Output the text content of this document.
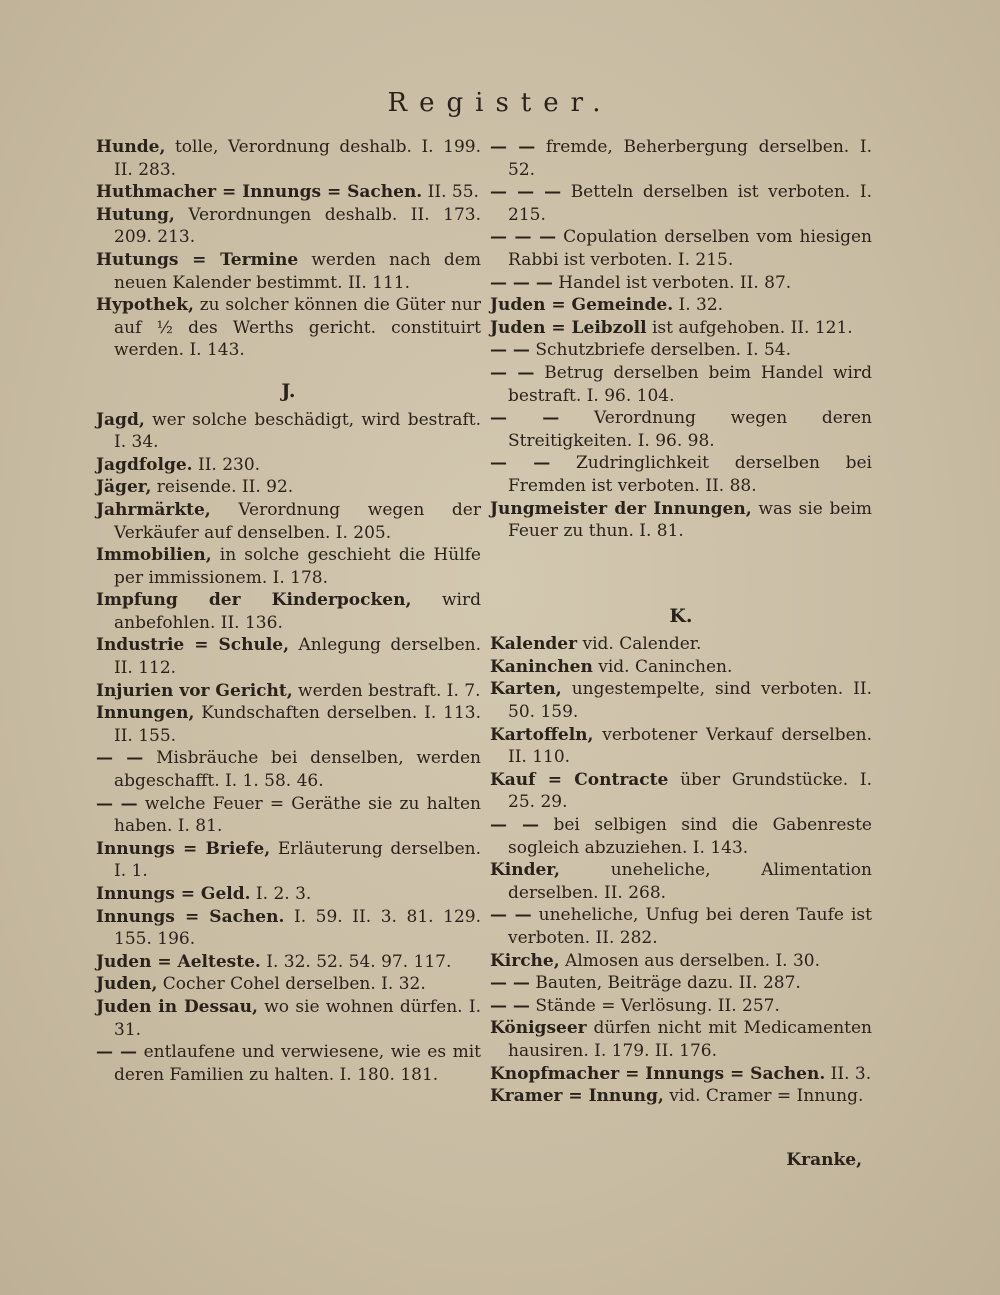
Register.

Hunde, tolle, Verordnung deshalb. I. 199. II. 283.

Huthmacher = Innungs = Sachen. II. 55.

Hutung, Verordnungen deshalb. II. 173. 209. 213.

Hutungs = Termine werden nach dem neuen Kalender bestimmt. II. 111.

Hypothek, zu solcher können die Güter nur auf ½ des Werths gericht. constituirt werden. I. 143.

J.

Jagd, wer solche beschädigt, wird bestraft. I. 34.

Jagdfolge. II. 230.

Jäger, reisende. II. 92.

Jahrmärkte, Verordnung wegen der Verkäufer auf denselben. I. 205.

Immobilien, in solche geschieht die Hülfe per immissionem. I. 178.

Impfung der Kinderpocken, wird anbefohlen. II. 136.

Industrie = Schule, Anlegung derselben. II. 112.

Injurien vor Gericht, werden bestraft. I. 7.

Innungen, Kundschaften derselben. I. 113. II. 155.

— — Misbräuche bei denselben, werden abgeschafft. I. 1. 58. 46.

— — welche Feuer = Geräthe sie zu halten haben. I. 81.

Innungs = Briefe, Erläuterung derselben. I. 1.

Innungs = Geld. I. 2. 3.

Innungs = Sachen. I. 59. II. 3. 81. 129. 155. 196.

Juden = Aelteste. I. 32. 52. 54. 97. 117.

Juden, Cocher Cohel derselben. I. 32.

Juden in Dessau, wo sie wohnen dürfen. I. 31.

— — entlaufene und verwiesene, wie es mit deren Familien zu halten. I. 180. 181.

— — fremde, Beherbergung derselben. I. 52.

— — — Betteln derselben ist verboten. I. 215.

— — — Copulation derselben vom hiesigen Rabbi ist verboten. I. 215.

— — — Handel ist verboten. II. 87.

Juden = Gemeinde. I. 32.

Juden = Leibzoll ist aufgehoben. II. 121.

— — Schutzbriefe derselben. I. 54.

— — Betrug derselben beim Handel wird bestraft. I. 96. 104.

— — Verordnung wegen deren Streitigkeiten. I. 96. 98.

— — Zudringlichkeit derselben bei Fremden ist verboten. II. 88.

Jungmeister der Innungen, was sie beim Feuer zu thun. I. 81.

K.

Kalender vid. Calender.

Kaninchen vid. Caninchen.

Karten, ungestempelte, sind verboten. II. 50. 159.

Kartoffeln, verbotener Verkauf derselben. II. 110.

Kauf = Contracte über Grundstücke. I. 25. 29.

— — bei selbigen sind die Gabenreste sogleich abzuziehen. I. 143.

Kinder, uneheliche, Alimentation derselben. II. 268.

— — uneheliche, Unfug bei deren Taufe ist verboten. II. 282.

Kirche, Almosen aus derselben. I. 30.

— — Bauten, Beiträge dazu. II. 287.

— — Stände = Verlösung. II. 257.

Königseer dürfen nicht mit Medicamenten hausiren. I. 179. II. 176.

Knopfmacher = Innungs = Sachen. II. 3.

Kramer = Innung, vid. Cramer = Innung.

Kranke,
